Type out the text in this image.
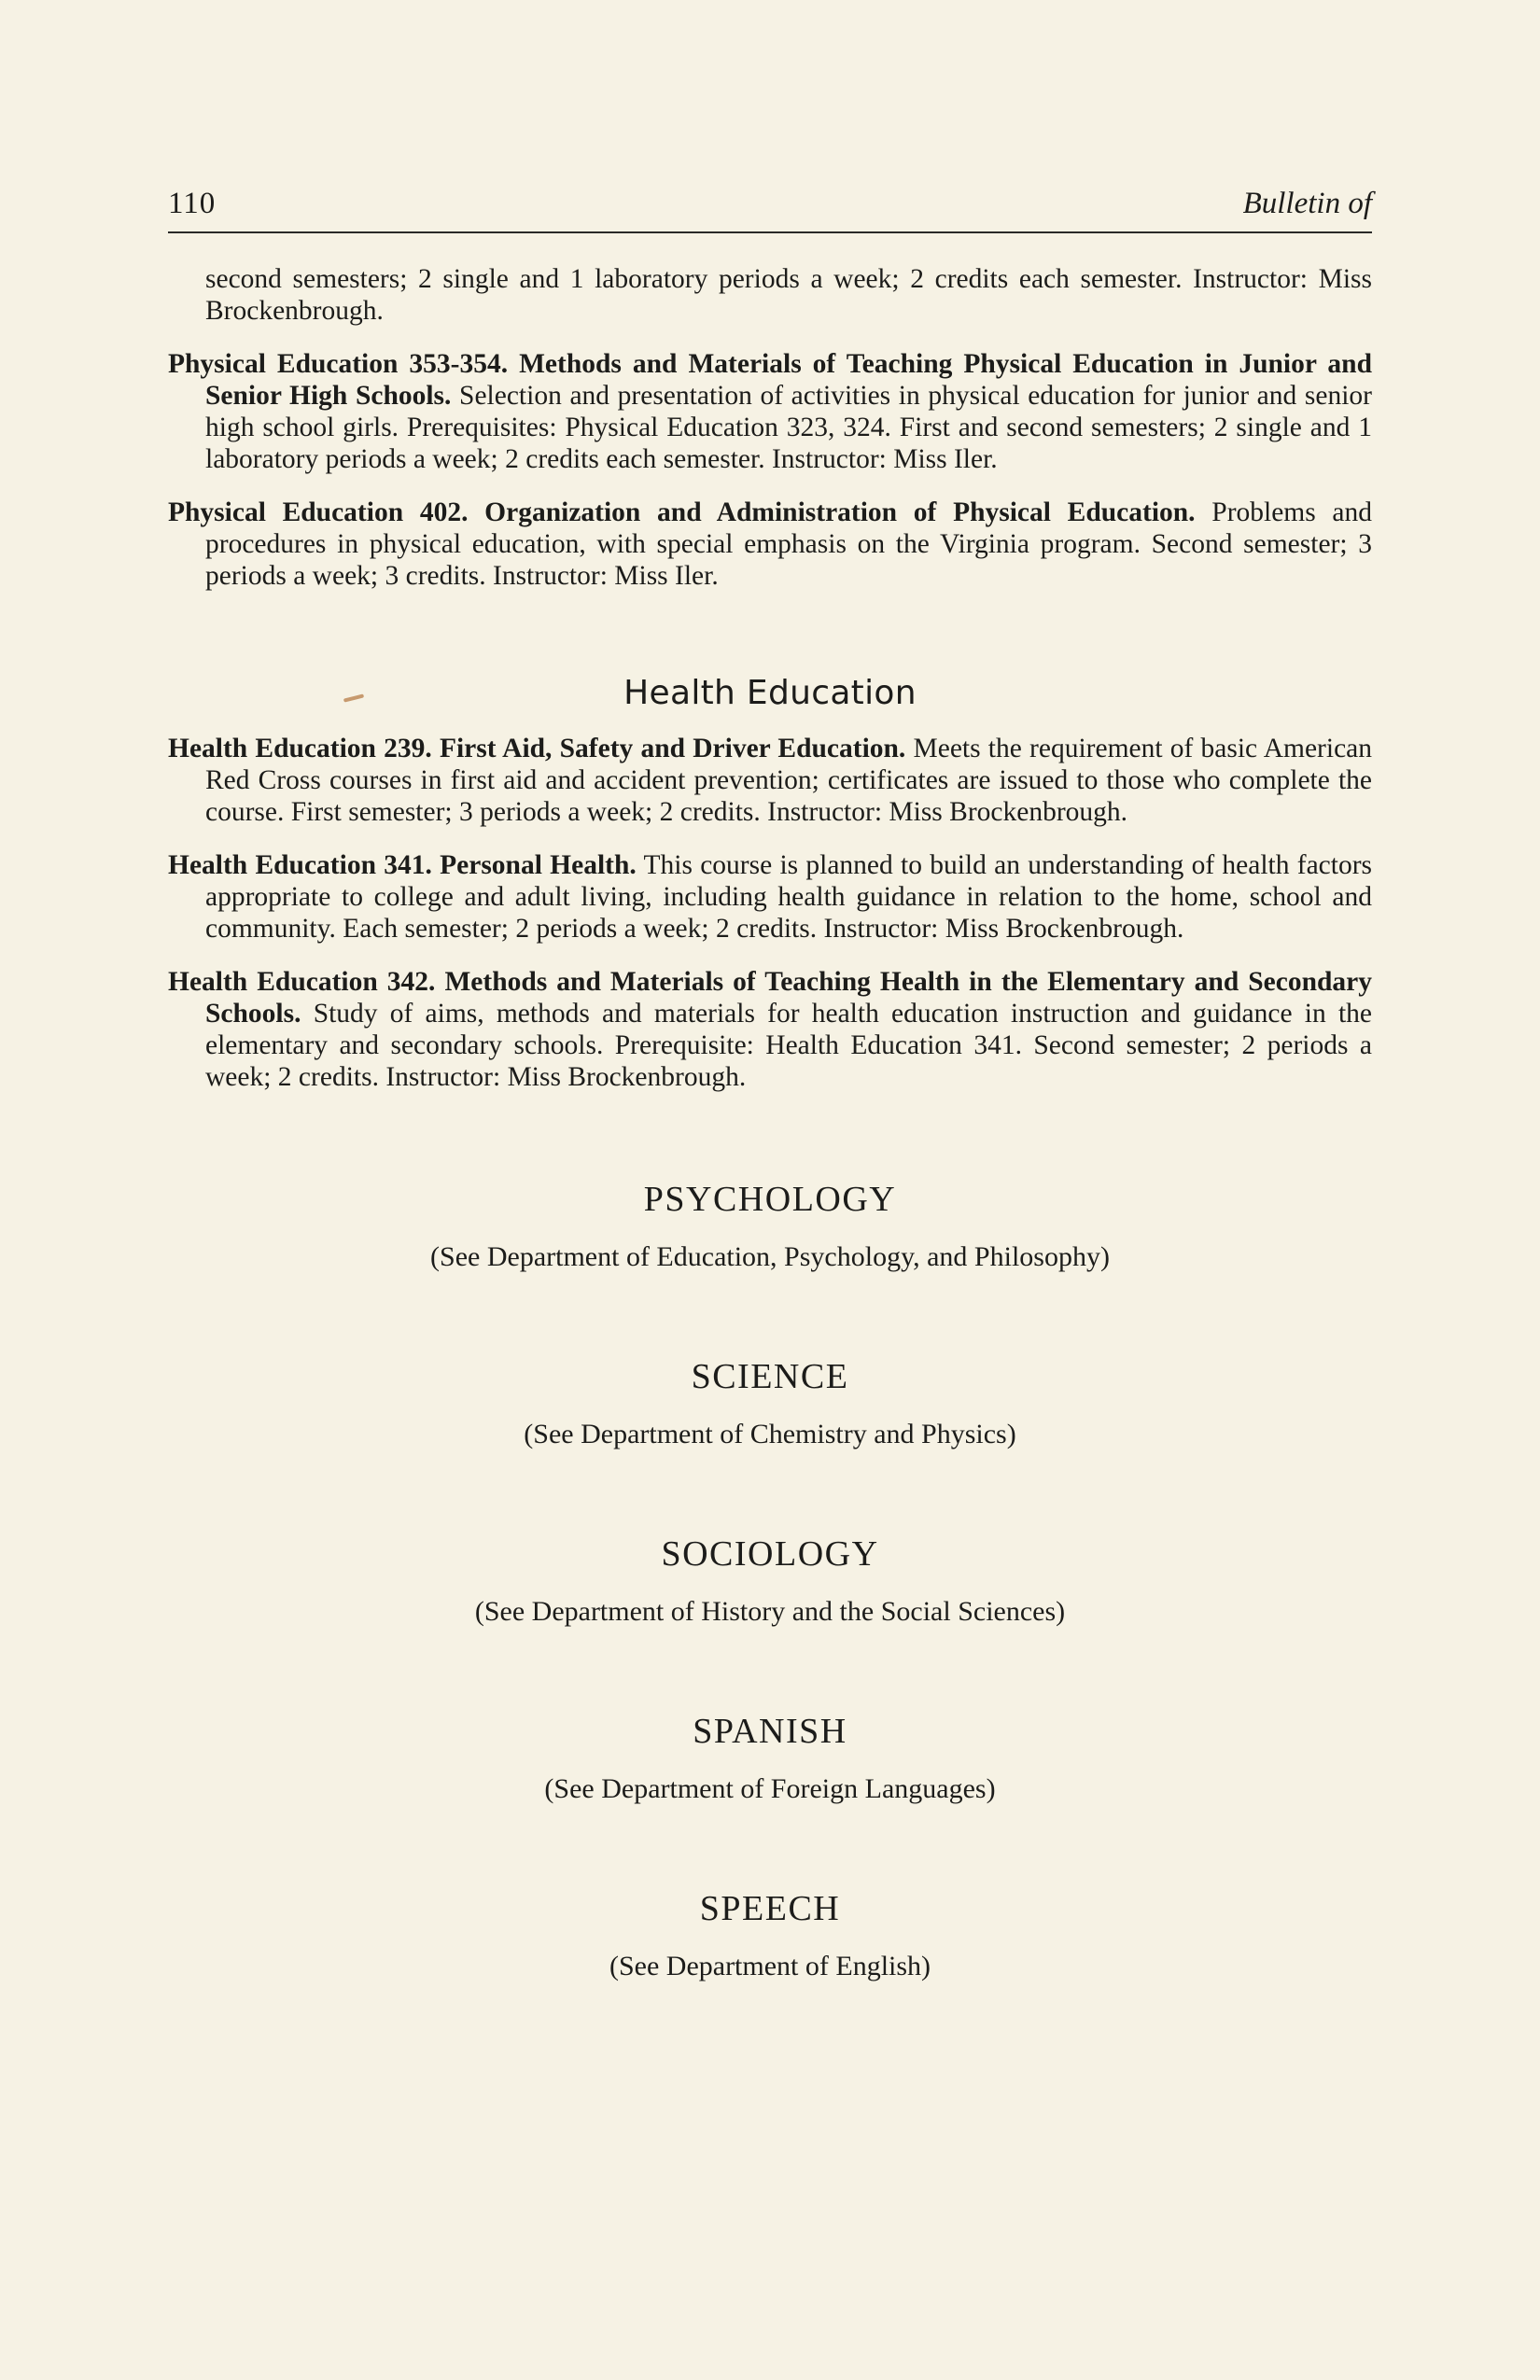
110	Bulletin of

second semesters; 2 single and 1 laboratory periods a week; 2 credits each semester. Instructor: Miss Brockenbrough.

Physical Education 353-354. Methods and Materials of Teaching Physical Education in Junior and Senior High Schools. Selection and presentation of activities in physical education for junior and senior high school girls. Prerequisites: Physical Education 323, 324. First and second semesters; 2 single and 1 laboratory periods a week; 2 credits each semester. Instructor: Miss Iler.

Physical Education 402. Organization and Administration of Physical Education. Problems and procedures in physical education, with special emphasis on the Virginia program. Second semester; 3 periods a week; 3 credits. Instructor: Miss Iler.

Health Education

Health Education 239. First Aid, Safety and Driver Education. Meets the requirement of basic American Red Cross courses in first aid and accident prevention; certificates are issued to those who complete the course. First semester; 3 periods a week; 2 credits. Instructor: Miss Brockenbrough.

Health Education 341. Personal Health. This course is planned to build an understanding of health factors appropriate to college and adult living, including health guidance in relation to the home, school and community. Each semester; 2 periods a week; 2 credits. Instructor: Miss Brockenbrough.

Health Education 342. Methods and Materials of Teaching Health in the Elementary and Secondary Schools. Study of aims, methods and materials for health education instruction and guidance in the elementary and secondary schools. Prerequisite: Health Education 341. Second semester; 2 periods a week; 2 credits. Instructor: Miss Brockenbrough.

PSYCHOLOGY

(See Department of Education, Psychology, and Philosophy)

SCIENCE

(See Department of Chemistry and Physics)

SOCIOLOGY

(See Department of History and the Social Sciences)

SPANISH

(See Department of Foreign Languages)

SPEECH

(See Department of English)
